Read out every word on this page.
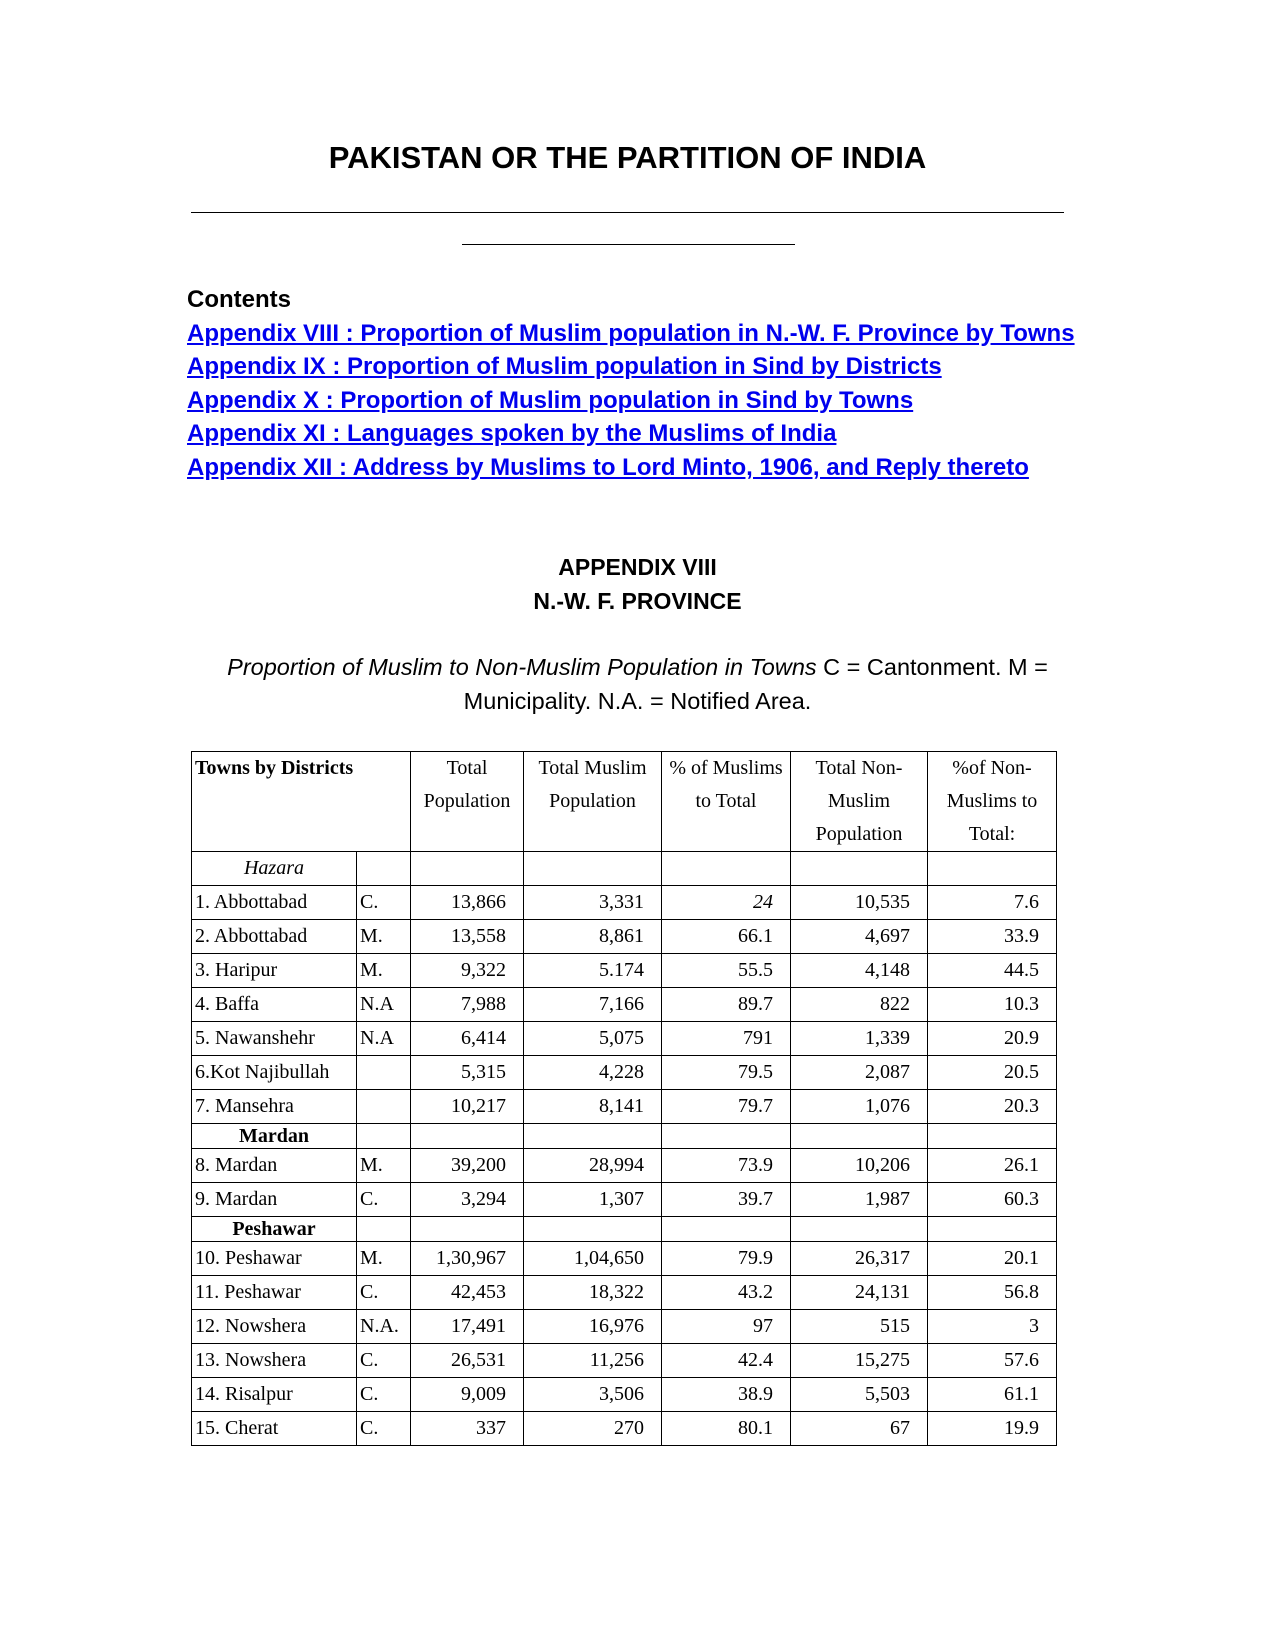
PAKISTAN OR THE PARTITION OF INDIA
Contents
Appendix VIII : Proportion of Muslim population in N.-W. F. Province by Towns
Appendix IX : Proportion of Muslim population in Sind by Districts
Appendix X : Proportion of Muslim population in Sind by Towns
Appendix XI : Languages spoken by the Muslims of India
Appendix XII : Address by Muslims to Lord Minto, 1906, and Reply thereto
APPENDIX VIII
N.-W. F. PROVINCE
Proportion of Muslim to Non-Muslim Population in Towns C = Cantonment. M = Municipality. N.A. = Notified Area.
Towns by Districts		Total Population	Total Muslim Population	% of Muslims to Total	Total Non-Muslim Population	%of Non-Muslims to Total:
Hazara						
1. Abbottabad	C.	13,866	3,331	24	10,535	7.6
2. Abbottabad	M.	13,558	8,861	66.1	4,697	33.9
3. Haripur	M.	9,322	5.174	55.5	4,148	44.5
4. Baffa	N.A	7,988	7,166	89.7	822	10.3
5. Nawanshehr	N.A	6,414	5,075	791	1,339	20.9
6.Kot Najibullah		5,315	4,228	79.5	2,087	20.5
7. Mansehra		10,217	8,141	79.7	1,076	20.3
Mardan						
8. Mardan	M.	39,200	28,994	73.9	10,206	26.1
9. Mardan	C.	3,294	1,307	39.7	1,987	60.3
Peshawar						
10. Peshawar	M.	1,30,967	1,04,650	79.9	26,317	20.1
11. Peshawar	C.	42,453	18,322	43.2	24,131	56.8
12. Nowshera	N.A.	17,491	16,976	97	515	3
13. Nowshera	C.	26,531	11,256	42.4	15,275	57.6
14. Risalpur	C.	9,009	3,506	38.9	5,503	61.1
15. Cherat	C.	337	270	80.1	67	19.9
